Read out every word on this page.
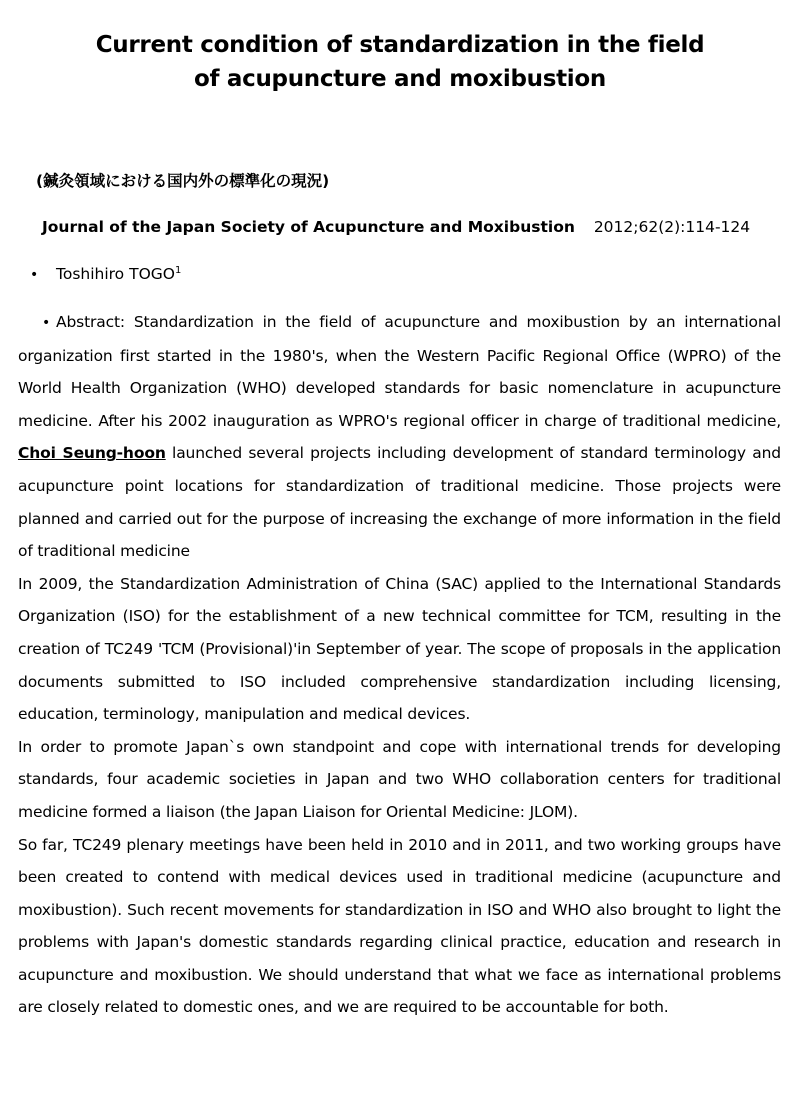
Current condition of standardization in the field
of acupuncture and moxibustion
(鍼灸領域における国内外の標準化の現況)
Journal of the Japan Society of Acupuncture and Moxibustion 2012;62(2):114-124
• Toshihiro TOGO$^1$

• Abstract: Standardization in the field of acupuncture and moxibustion by an international organization first started in the 1980's, when the Western Pacific Regional Office (WPRO) of the World Health Organization (WHO) developed standards for basic nomenclature in acupuncture medicine. After his 2002 inauguration as WPRO's regional officer in charge of traditional medicine, Choi Seung-hoon launched several projects including development of standard terminology and acupuncture point locations for standardization of traditional medicine. Those projects were planned and carried out for the purpose of increasing the exchange of more information in the field of traditional medicine

In 2009, the Standardization Administration of China (SAC) applied to the International Standards Organization (ISO) for the establishment of a new technical committee for TCM, resulting in the creation of TC249 'TCM (Provisional)'in September of year. The scope of proposals in the application documents submitted to ISO included comprehensive standardization including licensing, education, terminology, manipulation and medical devices.

In order to promote Japan`s own standpoint and cope with international trends for developing standards, four academic societies in Japan and two WHO collaboration centers for traditional medicine formed a liaison (the Japan Liaison for Oriental Medicine: JLOM).

So far, TC249 plenary meetings have been held in 2010 and in 2011, and two working groups have been created to contend with medical devices used in traditional medicine (acupuncture and moxibustion). Such recent movements for standardization in ISO and WHO also brought to light the problems with Japan's domestic standards regarding clinical practice, education and research in acupuncture and moxibustion. We should understand that what we face as international problems are closely related to domestic ones, and we are required to be accountable for both.
